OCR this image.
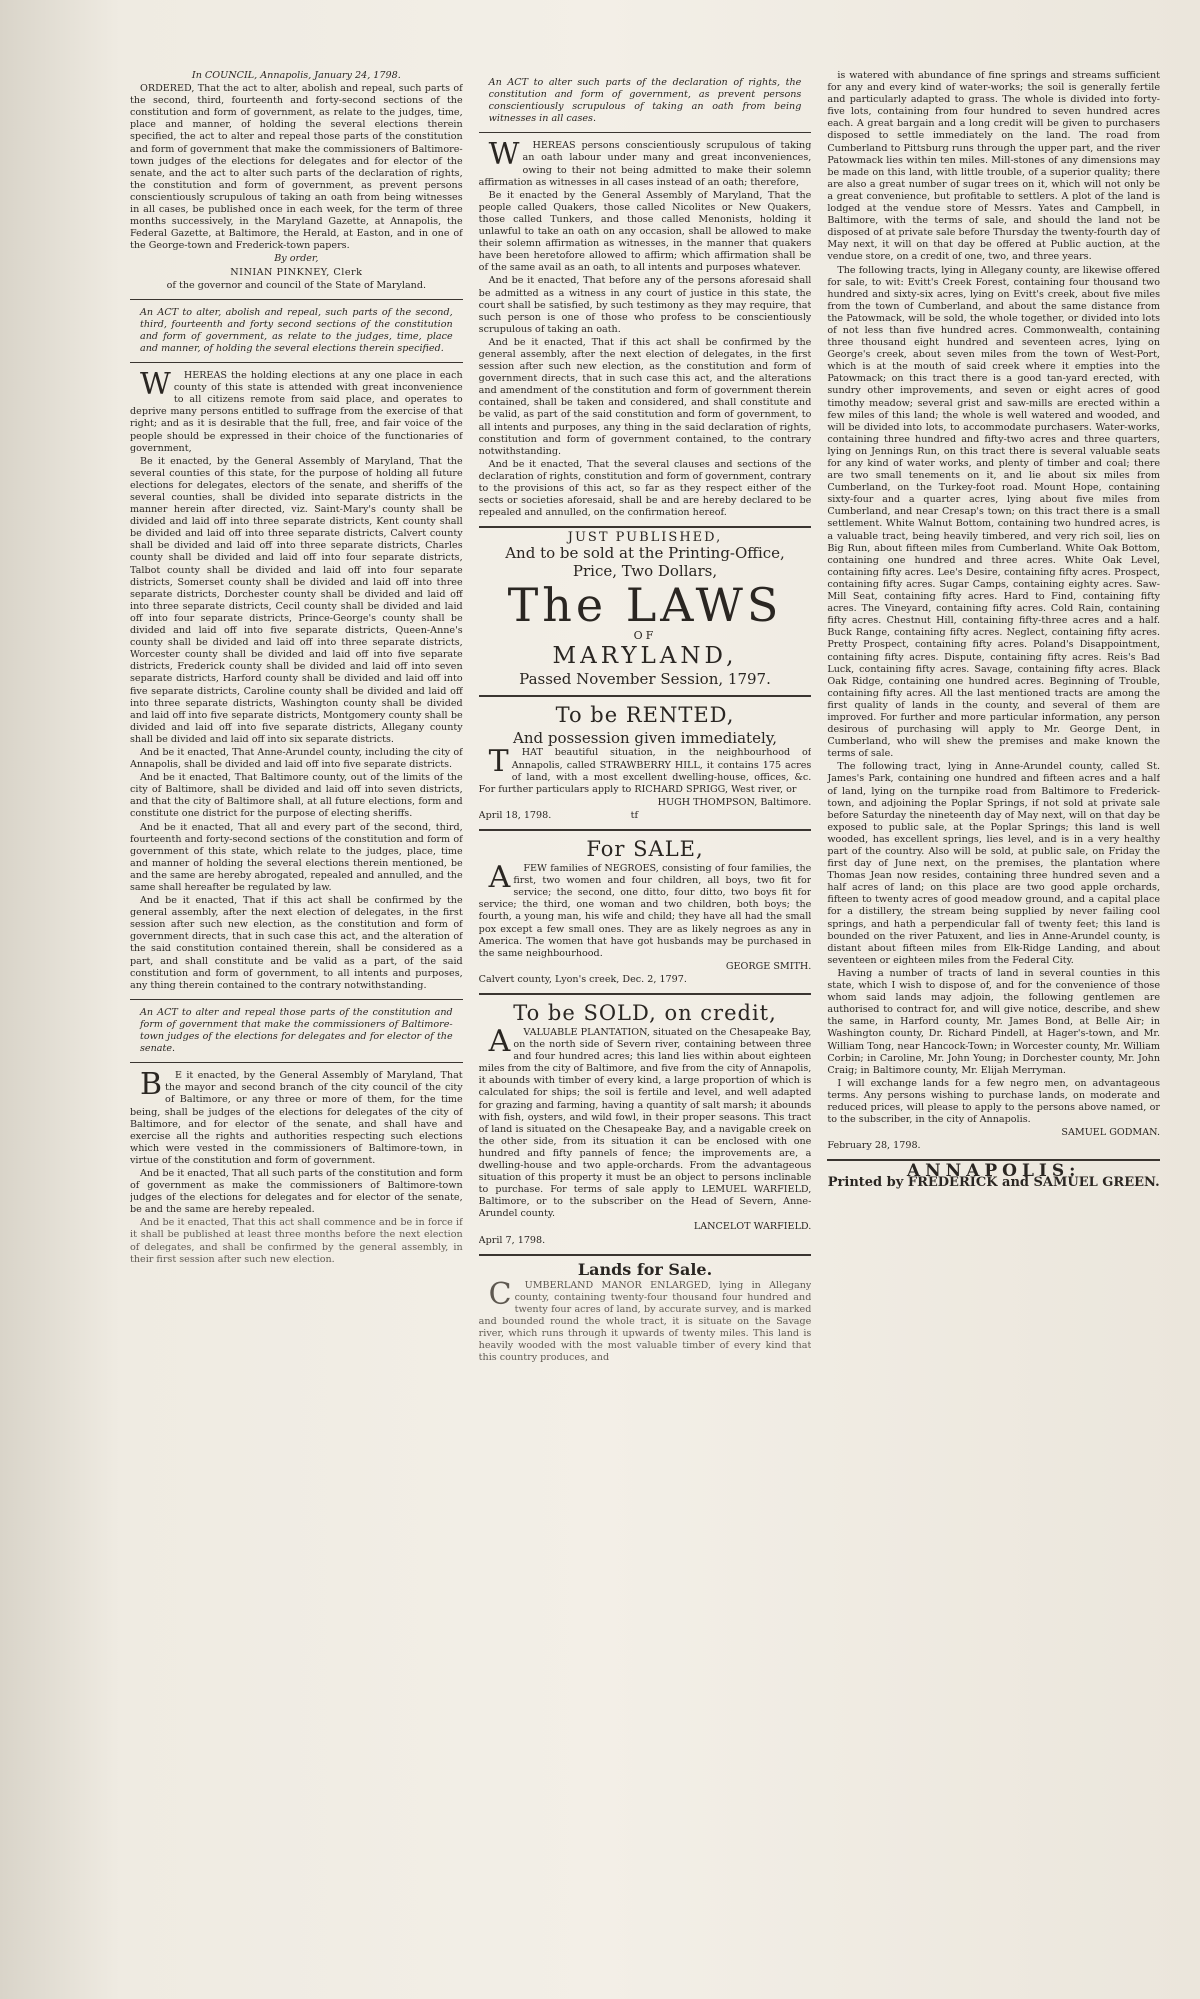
In COUNCIL, Annapolis, January 24, 1798.

ORDERED, That the act to alter, abolish and repeal, such parts of the second, third, fourteenth and forty-second sections of the constitution and form of government, as relate to the judges, time, place and manner, of holding the several elections therein specified, the act to alter and repeal those parts of the constitution and form of government that make the commissioners of Baltimore-town judges of the elections for delegates and for elector of the senate, and the act to alter such parts of the declaration of rights, the constitution and form of government, as prevent persons conscientiously scrupulous of taking an oath from being witnesses in all cases, be published once in each week, for the term of three months successively, in the Maryland Gazette, at Annapolis, the Federal Gazette, at Baltimore, the Herald, at Easton, and in one of the George-town and Frederick-town papers.

By order,

NINIAN PINKNEY, Clerk

of the governor and council of the State of Maryland.

An ACT to alter, abolish and repeal, such parts of the second, third, fourteenth and forty second sections of the constitution and form of government, as relate to the judges, time, place and manner, of holding the several elections therein specified.

W HEREAS the holding elections at any one place in each county of this state is attended with great inconvenience to all citizens remote from said place, and operates to deprive many persons entitled to suffrage from the exercise of that right; and as it is desirable that the full, free, and fair voice of the people should be expressed in their choice of the functionaries of government,

Be it enacted, by the General Assembly of Maryland, That the several counties of this state, for the purpose of holding all future elections for delegates, electors of the senate, and sheriffs of the several counties, shall be divided into separate districts in the manner herein after directed, viz. Saint-Mary's county shall be divided and laid off into three separate districts, Kent county shall be divided and laid off into three separate districts, Calvert county shall be divided and laid off into three separate districts, Charles county shall be divided and laid off into four separate districts, Talbot county shall be divided and laid off into four separate districts, Somerset county shall be divided and laid off into three separate districts, Dorchester county shall be divided and laid off into three separate districts, Cecil county shall be divided and laid off into four separate districts, Prince-George's county shall be divided and laid off into five separate districts, Queen-Anne's county shall be divided and laid off into three separate districts, Worcester county shall be divided and laid off into five separate districts, Frederick county shall be divided and laid off into seven separate districts, Harford county shall be divided and laid off into five separate districts, Caroline county shall be divided and laid off into three separate districts, Washington county shall be divided and laid off into five separate districts, Montgomery county shall be divided and laid off into five separate districts, Allegany county shall be divided and laid off into six separate districts.

And be it enacted, That Anne-Arundel county, including the city of Annapolis, shall be divided and laid off into five separate districts.

And be it enacted, That Baltimore county, out of the limits of the city of Baltimore, shall be divided and laid off into seven districts, and that the city of Baltimore shall, at all future elections, form and constitute one district for the purpose of electing sheriffs.

And be it enacted, That all and every part of the second, third, fourteenth and forty-second sections of the constitution and form of government of this state, which relate to the judges, place, time and manner of holding the several elections therein mentioned, be and the same are hereby abrogated, repealed and annulled, and the same shall hereafter be regulated by law.

And be it enacted, That if this act shall be confirmed by the general assembly, after the next election of delegates, in the first session after such new election, as the constitution and form of government directs, that in such case this act, and the alteration of the said constitution contained therein, shall be considered as a part, and shall constitute and be valid as a part, of the said constitution and form of government, to all intents and purposes, any thing therein contained to the contrary notwithstanding.

An ACT to alter and repeal those parts of the constitution and form of government that make the commissioners of Baltimore-town judges of the elections for delegates and for elector of the senate.

B E it enacted, by the General Assembly of Maryland, That the mayor and second branch of the city council of the city of Baltimore, or any three or more of them, for the time being, shall be judges of the elections for delegates of the city of Baltimore, and for elector of the senate, and shall have and exercise all the rights and authorities respecting such elections which were vested in the commissioners of Baltimore-town, in virtue of the constitution and form of government.

And be it enacted, That all such parts of the constitution and form of government as make the commissioners of Baltimore-town judges of the elections for delegates and for elector of the senate, be and the same are hereby repealed.

And be it enacted, That this act shall commence and be in force if it shall be published at least three months before the next election of delegates, and shall be confirmed by the general assembly, in their first session after such new election.

An ACT to alter such parts of the declaration of rights, the constitution and form of government, as prevent persons conscientiously scrupulous of taking an oath from being witnesses in all cases.

W HEREAS persons conscientiously scrupulous of taking an oath labour under many and great inconveniences, owing to their not being admitted to make their solemn affirmation as witnesses in all cases instead of an oath; therefore,

Be it enacted by the General Assembly of Maryland, That the people called Quakers, those called Nicolites or New Quakers, those called Tunkers, and those called Menonists, holding it unlawful to take an oath on any occasion, shall be allowed to make their solemn affirmation as witnesses, in the manner that quakers have been heretofore allowed to affirm; which affirmation shall be of the same avail as an oath, to all intents and purposes whatever.

And be it enacted, That before any of the persons aforesaid shall be admitted as a witness in any court of justice in this state, the court shall be satisfied, by such testimony as they may require, that such person is one of those who profess to be conscientiously scrupulous of taking an oath.

And be it enacted, That if this act shall be confirmed by the general assembly, after the next election of delegates, in the first session after such new election, as the constitution and form of government directs, that in such case this act, and the alterations and amendment of the constitution and form of government therein contained, shall be taken and considered, and shall constitute and be valid, as part of the said constitution and form of government, to all intents and purposes, any thing in the said declaration of rights, constitution and form of government contained, to the contrary notwithstanding.

And be it enacted, That the several clauses and sections of the declaration of rights, constitution and form of government, contrary to the provisions of this act, so far as they respect either of the sects or societies aforesaid, shall be and are hereby declared to be repealed and annulled, on the confirmation hereof.

JUST PUBLISHED,
And to be sold at the Printing-Office,
Price, Two Dollars,
The LAWS
OF
MARYLAND,
Passed November Session, 1797.
To be RENTED,
And possession given immediately,

T HAT beautiful situation, in the neighbourhood of Annapolis, called STRAWBERRY HILL, it contains 175 acres of land, with a most excellent dwelling-house, offices, &c. For further particulars apply to RICHARD SPRIGG, West river, or

HUGH THOMPSON, Baltimore.

April 18, 1798.	tf

For SALE,

A FEW families of NEGROES, consisting of four families, the first, two women and four children, all boys, two fit for service; the second, one ditto, four ditto, two boys fit for service; the third, one woman and two children, both boys; the fourth, a young man, his wife and child; they have all had the small pox except a few small ones. They are as likely negroes as any in America. The women that have got husbands may be purchased in the same neighbourhood.

GEORGE SMITH.

Calvert county, Lyon's creek, Dec. 2, 1797.

To be SOLD, on credit,

A VALUABLE PLANTATION, situated on the Chesapeake Bay, on the north side of Severn river, containing between three and four hundred acres; this land lies within about eighteen miles from the city of Baltimore, and five from the city of Annapolis, it abounds with timber of every kind, a large proportion of which is calculated for ships; the soil is fertile and level, and well adapted for grazing and farming, having a quantity of salt marsh; it abounds with fish, oysters, and wild fowl, in their proper seasons. This tract of land is situated on the Chesapeake Bay, and a navigable creek on the other side, from its situation it can be enclosed with one hundred and fifty pannels of fence; the improvements are, a dwelling-house and two apple-orchards. From the advantageous situation of this property it must be an object to persons inclinable to purchase. For terms of sale apply to LEMUEL WARFIELD, Baltimore, or to the subscriber on the Head of Severn, Anne-Arundel county.

LANCELOT WARFIELD.

April 7, 1798.

Lands for Sale.

C UMBERLAND MANOR ENLARGED, lying in Allegany county, containing twenty-four thousand four hundred and twenty four acres of land, by accurate survey, and is marked and bounded round the whole tract, it is situate on the Savage river, which runs through it upwards of twenty miles. This land is heavily wooded with the most valuable timber of every kind that this country produces, and

is watered with abundance of fine springs and streams sufficient for any and every kind of water-works; the soil is generally fertile and particularly adapted to grass. The whole is divided into forty-five lots, containing from four hundred to seven hundred acres each. A great bargain and a long credit will be given to purchasers disposed to settle immediately on the land. The road from Cumberland to Pittsburg runs through the upper part, and the river Patowmack lies within ten miles. Mill-stones of any dimensions may be made on this land, with little trouble, of a superior quality; there are also a great number of sugar trees on it, which will not only be a great convenience, but profitable to settlers. A plot of the land is lodged at the vendue store of Messrs. Yates and Campbell, in Baltimore, with the terms of sale, and should the land not be disposed of at private sale before Thursday the twenty-fourth day of May next, it will on that day be offered at Public auction, at the vendue store, on a credit of one, two, and three years.

The following tracts, lying in Allegany county, are likewise offered for sale, to wit: Evitt's Creek Forest, containing four thousand two hundred and sixty-six acres, lying on Evitt's creek, about five miles from the town of Cumberland, and about the same distance from the Patowmack, will be sold, the whole together, or divided into lots of not less than five hundred acres. Commonwealth, containing three thousand eight hundred and seventeen acres, lying on George's creek, about seven miles from the town of West-Port, which is at the mouth of said creek where it empties into the Patowmack; on this tract there is a good tan-yard erected, with sundry other improvements, and seven or eight acres of good timothy meadow; several grist and saw-mills are erected within a few miles of this land; the whole is well watered and wooded, and will be divided into lots, to accommodate purchasers. Water-works, containing three hundred and fifty-two acres and three quarters, lying on Jennings Run, on this tract there is several valuable seats for any kind of water works, and plenty of timber and coal; there are two small tenements on it, and lie about six miles from Cumberland, on the Turkey-foot road. Mount Hope, containing sixty-four and a quarter acres, lying about five miles from Cumberland, and near Cresap's town; on this tract there is a small settlement. White Walnut Bottom, containing two hundred acres, is a valuable tract, being heavily timbered, and very rich soil, lies on Big Run, about fifteen miles from Cumberland. White Oak Bottom, containing one hundred and three acres. White Oak Level, containing fifty acres. Lee's Desire, containing fifty acres. Prospect, containing fifty acres. Sugar Camps, containing eighty acres. Saw-Mill Seat, containing fifty acres. Hard to Find, containing fifty acres. The Vineyard, containing fifty acres. Cold Rain, containing fifty acres. Chestnut Hill, containing fifty-three acres and a half. Buck Range, containing fifty acres. Neglect, containing fifty acres. Pretty Prospect, containing fifty acres. Poland's Disappointment, containing fifty acres. Dispute, containing fifty acres. Reis's Bad Luck, containing fifty acres. Savage, containing fifty acres. Black Oak Ridge, containing one hundred acres. Beginning of Trouble, containing fifty acres. All the last mentioned tracts are among the first quality of lands in the county, and several of them are improved. For further and more particular information, any person desirous of purchasing will apply to Mr. George Dent, in Cumberland, who will shew the premises and make known the terms of sale.

The following tract, lying in Anne-Arundel county, called St. James's Park, containing one hundred and fifteen acres and a half of land, lying on the turnpike road from Baltimore to Frederick-town, and adjoining the Poplar Springs, if not sold at private sale before Saturday the nineteenth day of May next, will on that day be exposed to public sale, at the Poplar Springs; this land is well wooded, has excellent springs, lies level, and is in a very healthy part of the country. Also will be sold, at public sale, on Friday the first day of June next, on the premises, the plantation where Thomas Jean now resides, containing three hundred seven and a half acres of land; on this place are two good apple orchards, fifteen to twenty acres of good meadow ground, and a capital place for a distillery, the stream being supplied by never failing cool springs, and hath a perpendicular fall of twenty feet; this land is bounded on the river Patuxent, and lies in Anne-Arundel county, is distant about fifteen miles from Elk-Ridge Landing, and about seventeen or eighteen miles from the Federal City.

Having a number of tracts of land in several counties in this state, which I wish to dispose of, and for the convenience of those whom said lands may adjoin, the following gentlemen are authorised to contract for, and will give notice, describe, and shew the same, in Harford county, Mr. James Bond, at Belle Air; in Washington county, Dr. Richard Pindell, at Hager's-town, and Mr. William Tong, near Hancock-Town; in Worcester county, Mr. William Corbin; in Caroline, Mr. John Young; in Dorchester county, Mr. John Craig; in Baltimore county, Mr. Elijah Merryman.

I will exchange lands for a few negro men, on advantageous terms. Any persons wishing to purchase lands, on moderate and reduced prices, will please to apply to the persons above named, or to the subscriber, in the city of Annapolis.

SAMUEL GODMAN.

February 28, 1798.

ANNAPOLIS:
Printed by FREDERICK and SAMUEL GREEN.
